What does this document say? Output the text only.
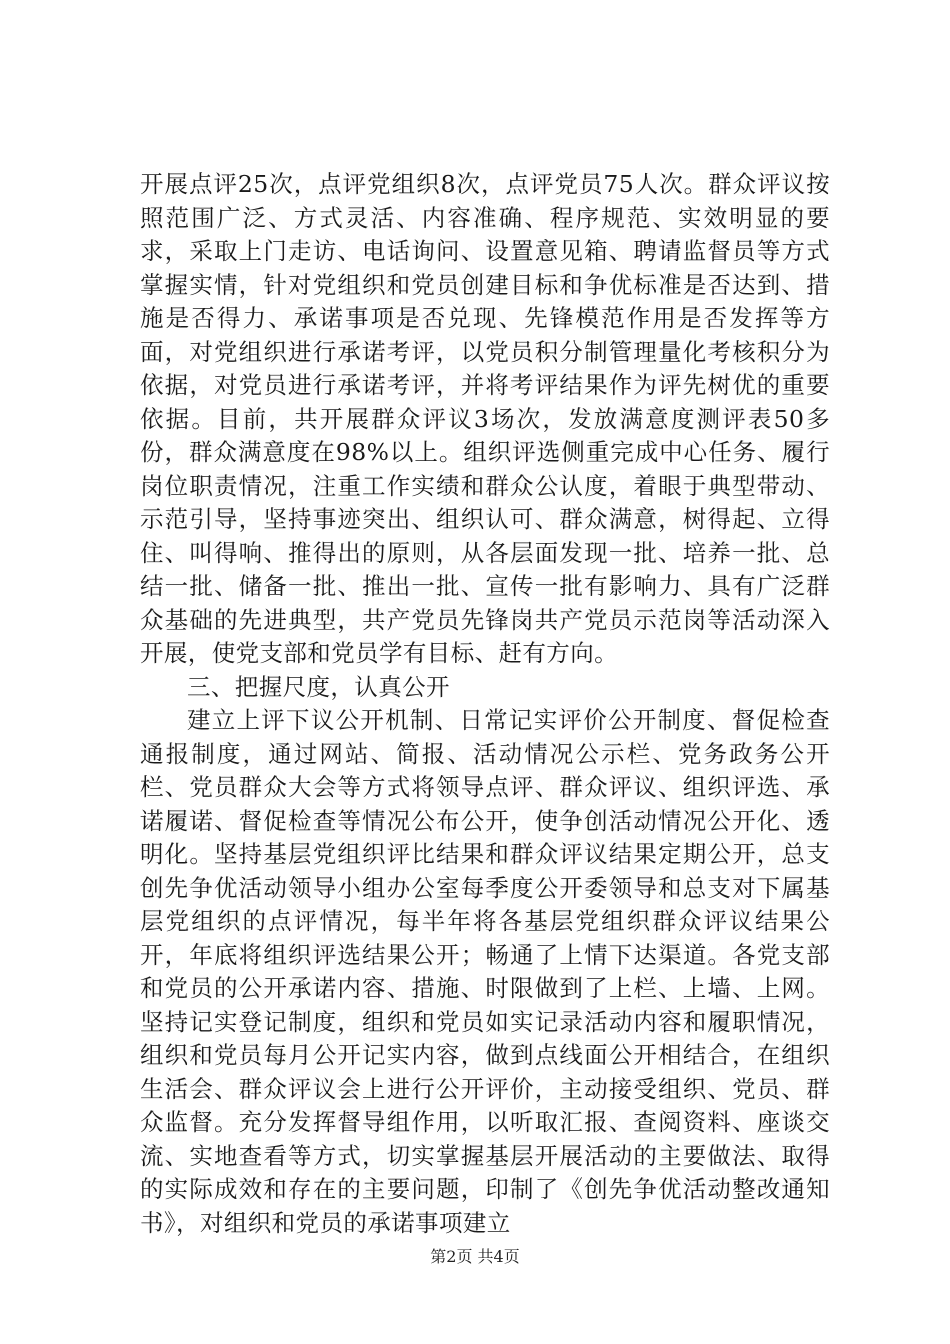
开展点评25次，点评党组织8次，点评党员75人次。群众评议按照范围广泛、方式灵活、内容准确、程序规范、实效明显的要求，采取上门走访、电话询问、设置意见箱、聘请监督员等方式掌握实情，针对党组织和党员创建目标和争优标准是否达到、措施是否得力、承诺事项是否兑现、先锋模范作用是否发挥等方面，对党组织进行承诺考评，以党员积分制管理量化考核积分为依据，对党员进行承诺考评，并将考评结果作为评先树优的重要依据。目前，共开展群众评议3场次，发放满意度测评表50多份，群众满意度在98%以上。组织评选侧重完成中心任务、履行岗位职责情况，注重工作实绩和群众公认度，着眼于典型带动、示范引导，坚持事迹突出、组织认可、群众满意，树得起、立得住、叫得响、推得出的原则，从各层面发现一批、培养一批、总结一批、储备一批、推出一批、宣传一批有影响力、具有广泛群众基础的先进典型，共产党员先锋岗共产党员示范岗等活动深入开展，使党支部和党员学有目标、赶有方向。

三、把握尺度，认真公开

建立上评下议公开机制、日常记实评价公开制度、督促检查通报制度，通过网站、简报、活动情况公示栏、党务政务公开栏、党员群众大会等方式将领导点评、群众评议、组织评选、承诺履诺、督促检查等情况公布公开，使争创活动情况公开化、透明化。坚持基层党组织评比结果和群众评议结果定期公开，总支创先争优活动领导小组办公室每季度公开委领导和总支对下属基层党组织的点评情况，每半年将各基层党组织群众评议结果公开，年底将组织评选结果公开；畅通了上情下达渠道。各党支部和党员的公开承诺内容、措施、时限做到了上栏、上墙、上网。坚持记实登记制度，组织和党员如实记录活动内容和履职情况，组织和党员每月公开记实内容，做到点线面公开相结合，在组织生活会、群众评议会上进行公开评价，主动接受组织、党员、群众监督。充分发挥督导组作用，以听取汇报、查阅资料、座谈交流、实地查看等方式，切实掌握基层开展活动的主要做法、取得的实际成效和存在的主要问题，印制了《创先争优活动整改通知书》，对组织和党员的承诺事项建立

第2页 共4页
